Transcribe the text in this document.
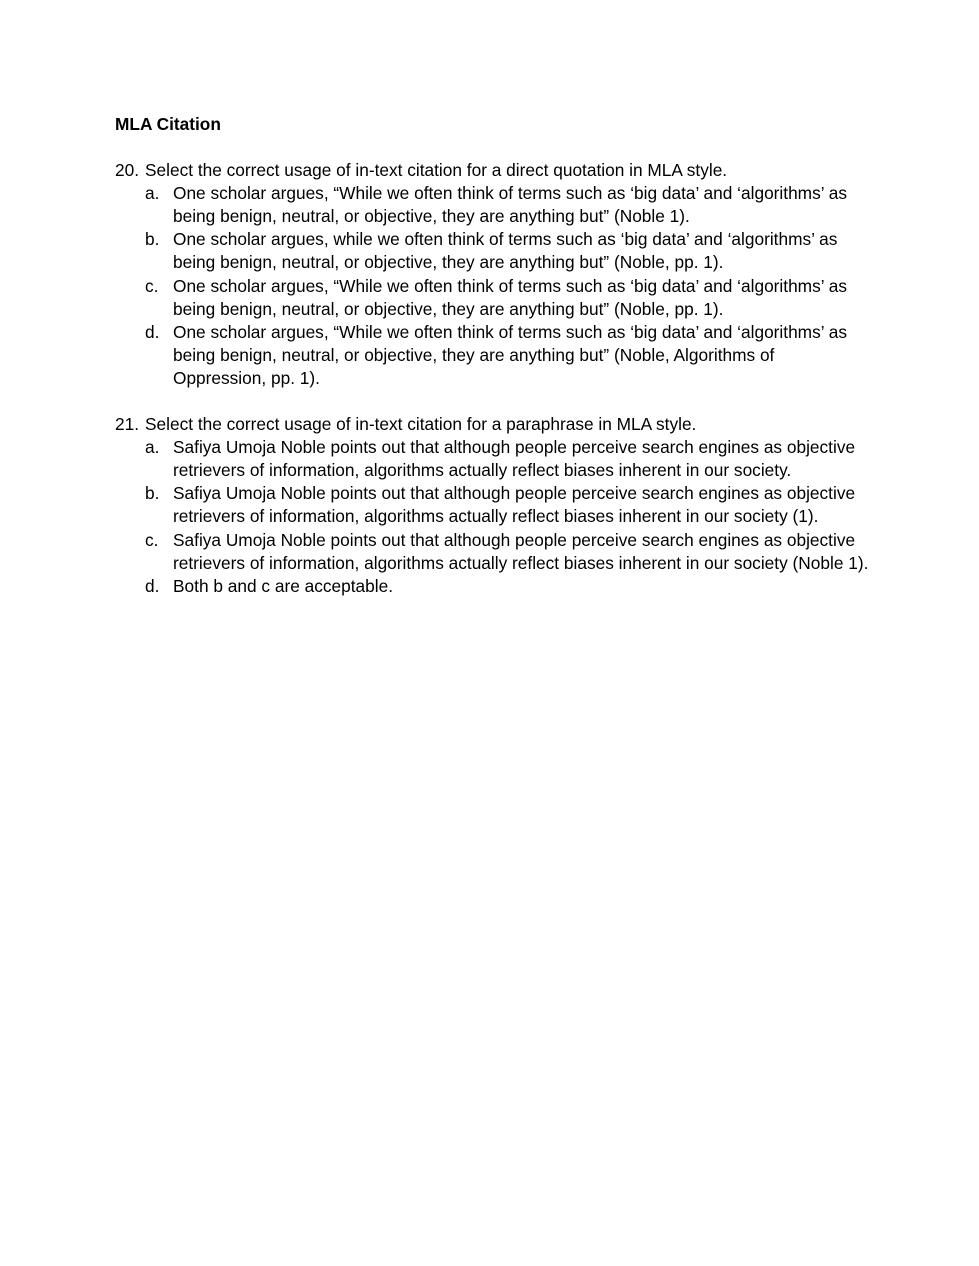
MLA Citation
20. Select the correct usage of in-text citation for a direct quotation in MLA style.
a. One scholar argues, “While we often think of terms such as ‘big data’ and ‘algorithms’ as being benign, neutral, or objective, they are anything but” (Noble 1).
b. One scholar argues, while we often think of terms such as ‘big data’ and ‘algorithms’ as being benign, neutral, or objective, they are anything but” (Noble, pp. 1).
c. One scholar argues, “While we often think of terms such as ‘big data’ and ‘algorithms’ as being benign, neutral, or objective, they are anything but” (Noble, pp. 1).
d. One scholar argues, “While we often think of terms such as ‘big data’ and ‘algorithms’ as being benign, neutral, or objective, they are anything but” (Noble, Algorithms of Oppression, pp. 1).
21. Select the correct usage of in-text citation for a paraphrase in MLA style.
a. Safiya Umoja Noble points out that although people perceive search engines as objective retrievers of information, algorithms actually reflect biases inherent in our society.
b. Safiya Umoja Noble points out that although people perceive search engines as objective retrievers of information, algorithms actually reflect biases inherent in our society (1).
c. Safiya Umoja Noble points out that although people perceive search engines as objective retrievers of information, algorithms actually reflect biases inherent in our society (Noble 1).
d. Both b and c are acceptable.
